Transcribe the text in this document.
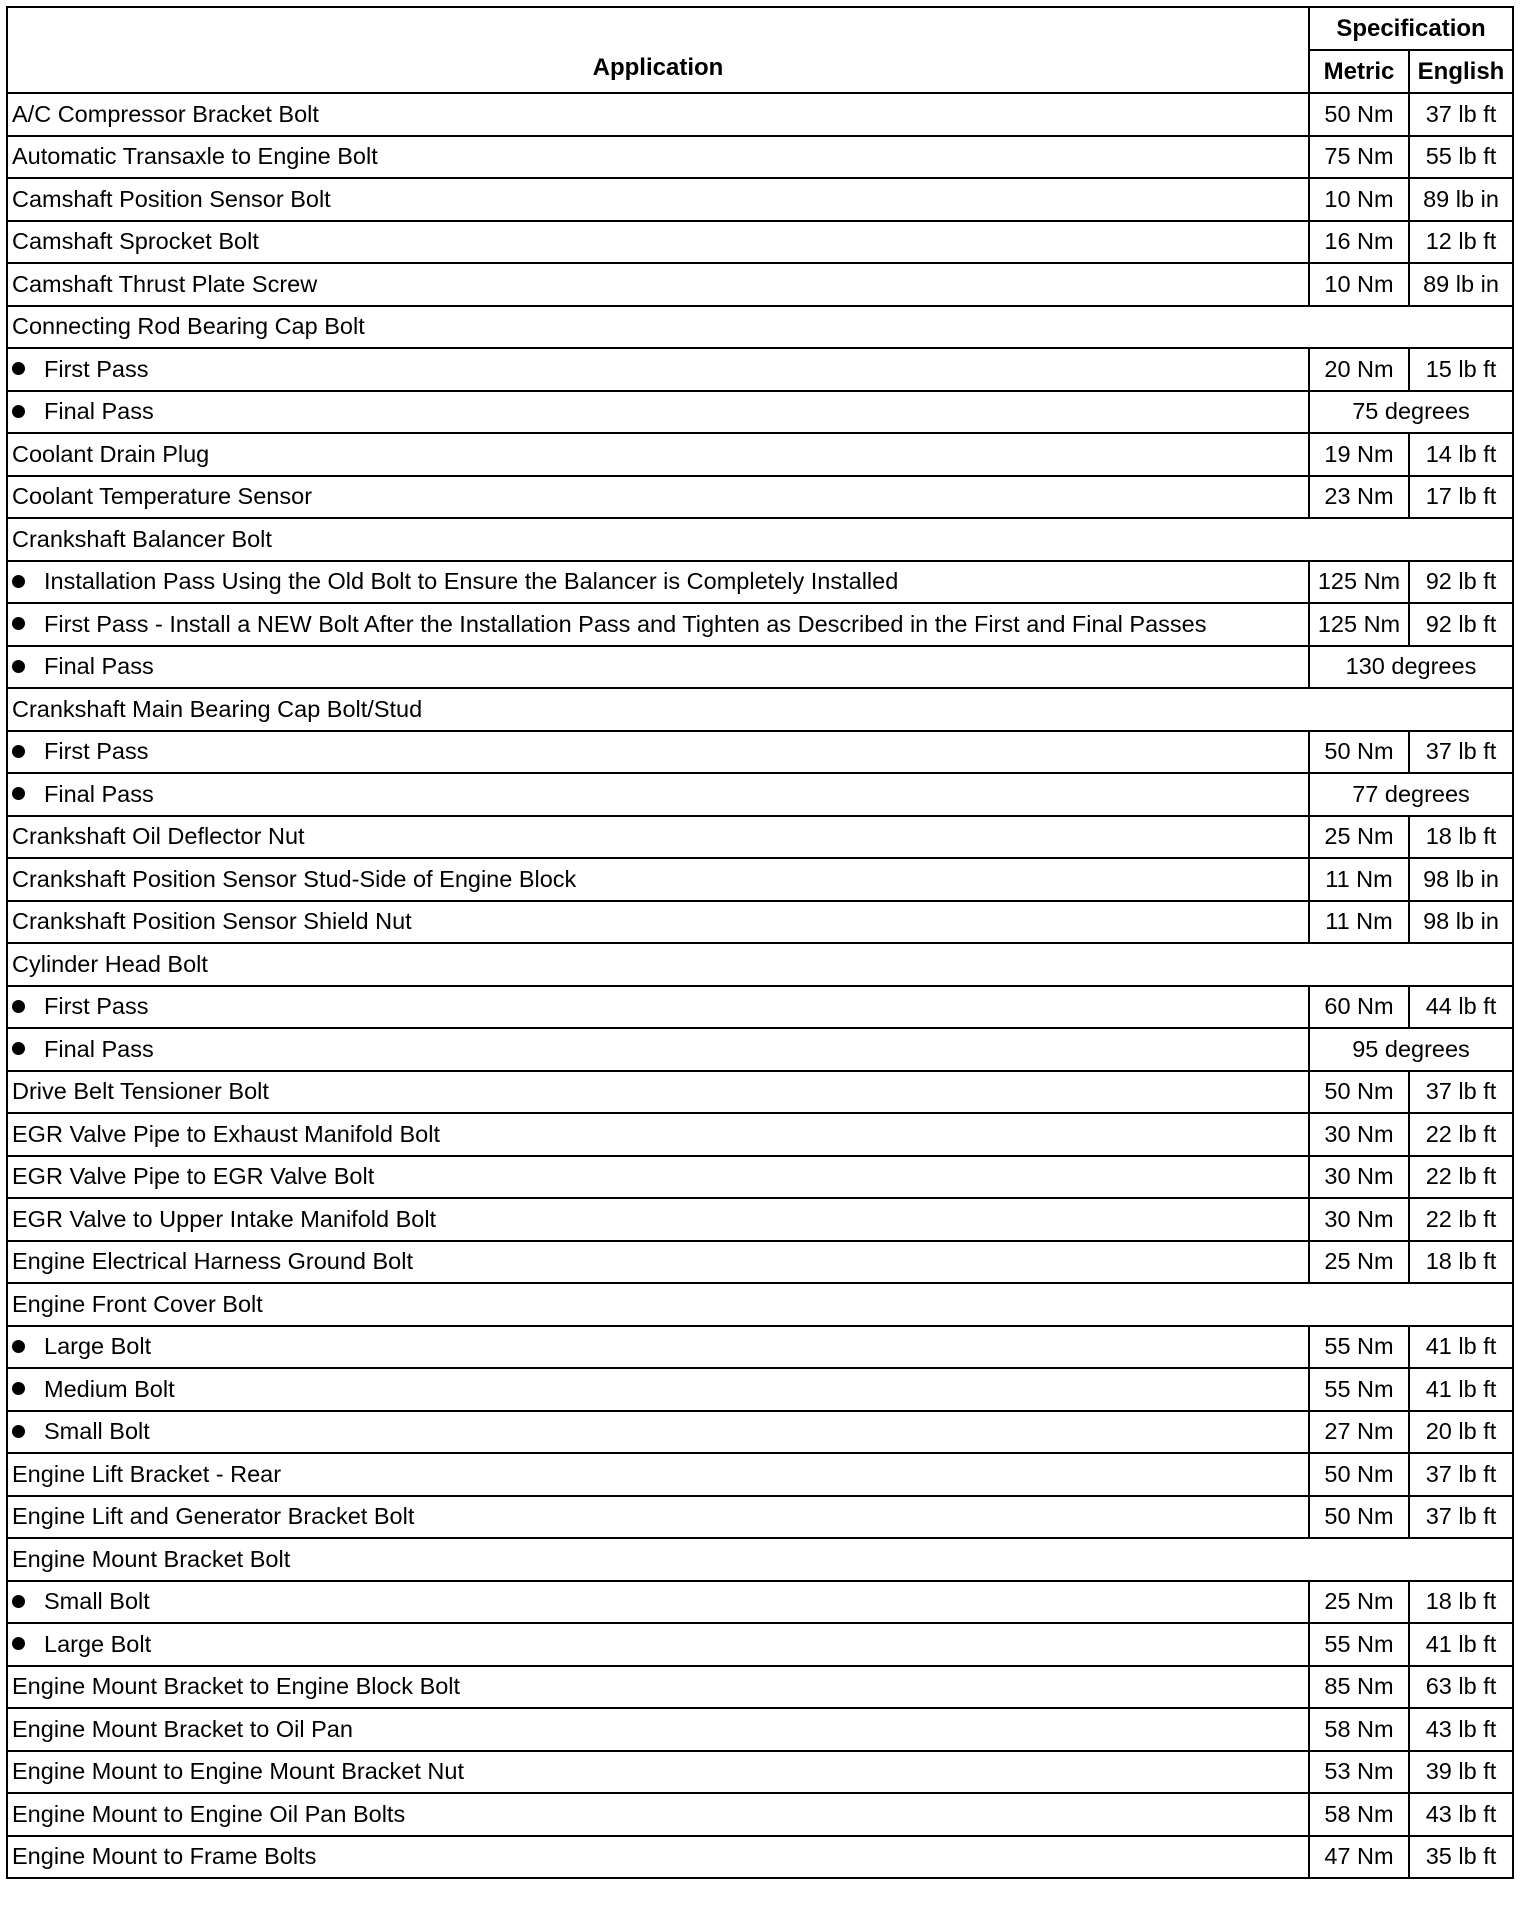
Application	Specification	
	Metric	English
A/C Compressor Bracket Bolt	50 Nm	37 lb ft
Automatic Transaxle to Engine Bolt	75 Nm	55 lb ft
Camshaft Position Sensor Bolt	10 Nm	89 lb in
Camshaft Sprocket Bolt	16 Nm	12 lb ft
Camshaft Thrust Plate Screw	10 Nm	89 lb in
Connecting Rod Bearing Cap Bolt		

First Pass	20 Nm	15 lb ft

Final Pass	75 degrees	
Coolant Drain Plug	19 Nm	14 lb ft
Coolant Temperature Sensor	23 Nm	17 lb ft
Crankshaft Balancer Bolt		

Installation Pass Using the Old Bolt to Ensure the Balancer is Completely Installed	125 Nm	92 lb ft

First Pass - Install a NEW Bolt After the Installation Pass and Tighten as Described in the First and Final Passes	125 Nm	92 lb ft

Final Pass	130 degrees	
Crankshaft Main Bearing Cap Bolt/Stud		

First Pass	50 Nm	37 lb ft

Final Pass	77 degrees	
Crankshaft Oil Deflector Nut	25 Nm	18 lb ft
Crankshaft Position Sensor Stud-Side of Engine Block	11 Nm	98 lb in
Crankshaft Position Sensor Shield Nut	11 Nm	98 lb in
Cylinder Head Bolt		

First Pass	60 Nm	44 lb ft

Final Pass	95 degrees	
Drive Belt Tensioner Bolt	50 Nm	37 lb ft
EGR Valve Pipe to Exhaust Manifold Bolt	30 Nm	22 lb ft
EGR Valve Pipe to EGR Valve Bolt	30 Nm	22 lb ft
EGR Valve to Upper Intake Manifold Bolt	30 Nm	22 lb ft
Engine Electrical Harness Ground Bolt	25 Nm	18 lb ft
Engine Front Cover Bolt		

Large Bolt	55 Nm	41 lb ft

Medium Bolt	55 Nm	41 lb ft

Small Bolt	27 Nm	20 lb ft
Engine Lift Bracket - Rear	50 Nm	37 lb ft
Engine Lift and Generator Bracket Bolt	50 Nm	37 lb ft
Engine Mount Bracket Bolt		

Small Bolt	25 Nm	18 lb ft

Large Bolt	55 Nm	41 lb ft
Engine Mount Bracket to Engine Block Bolt	85 Nm	63 lb ft
Engine Mount Bracket to Oil Pan	58 Nm	43 lb ft
Engine Mount to Engine Mount Bracket Nut	53 Nm	39 lb ft
Engine Mount to Engine Oil Pan Bolts	58 Nm	43 lb ft
Engine Mount to Frame Bolts	47 Nm	35 lb ft
